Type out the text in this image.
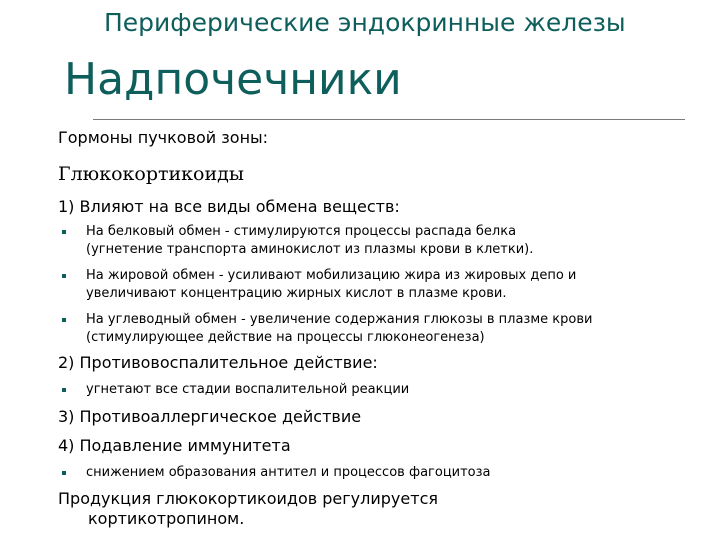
Периферические эндокринные железы
Надпочечники
Гормоны пучковой зоны:
Глюкокортикоиды
1) Влияют на все виды обмена веществ:
На белковый обмен - стимулируются процессы распада белка
(угнетение транспорта аминокислот из плазмы крови в клетки).
На жировой обмен - усиливают мобилизацию жира из жировых депо и
увеличивают концентрацию жирных кислот в плазме крови.
На углеводный обмен - увеличение содержания глюкозы в плазме крови
(стимулирующее действие на процессы глюконеогенеза)
2) Противовоспалительное действие:
угнетают все стадии воспалительной реакции
3) Противоаллергическое действие
4) Подавление иммунитета
снижением образования антител и процессов фагоцитоза
Продукция глюкокортикоидов регулируется
кортикотропином.
